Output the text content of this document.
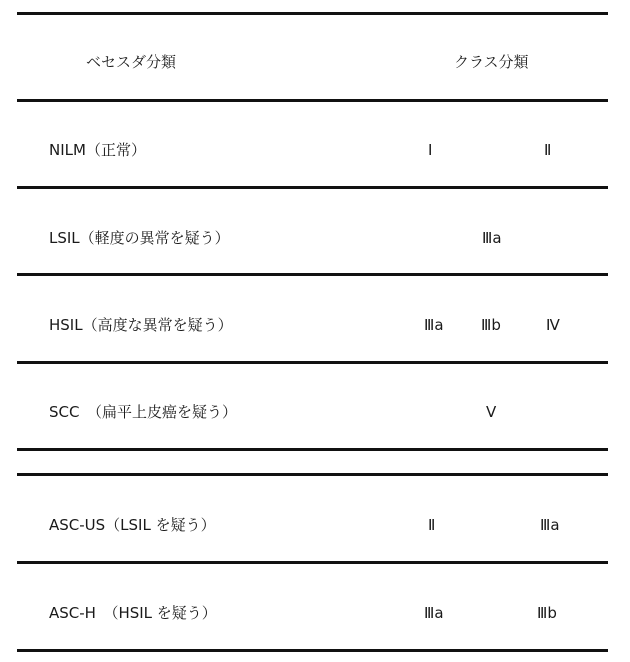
ベセスダ分類	クラス分類
NILM（正常）	Ⅰ	Ⅱ
LSIL（軽度の異常を疑う）	Ⅲa
HSIL（高度な異常を疑う）	Ⅲa Ⅲb	Ⅳ
SCC　（扁平上皮癌を疑う）	Ⅴ
ASC-US（LSIL を疑う）	Ⅱ	Ⅲa
ASC-H　（HSIL を疑う）	Ⅲa	Ⅲb
